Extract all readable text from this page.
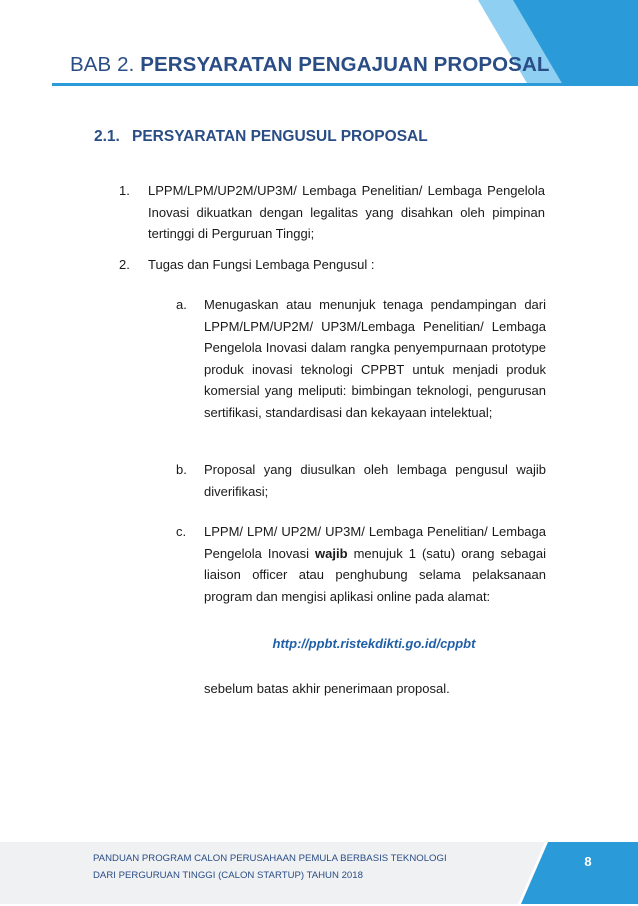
BAB 2. PERSYARATAN PENGAJUAN PROPOSAL
2.1. PERSYARATAN PENGUSUL PROPOSAL
1. LPPM/LPM/UP2M/UP3M/ Lembaga Penelitian/ Lembaga Pengelola Inovasi dikuatkan dengan legalitas yang disahkan oleh pimpinan tertinggi di Perguruan Tinggi;
2. Tugas dan Fungsi Lembaga Pengusul :
a. Menugaskan atau menunjuk tenaga pendampingan dari LPPM/LPM/UP2M/ UP3M/Lembaga Penelitian/ Lembaga Pengelola Inovasi dalam rangka penyempurnaan prototype produk inovasi teknologi CPPBT untuk menjadi produk komersial yang meliputi: bimbingan teknologi, pengurusan sertifikasi, standardisasi dan kekayaan intelektual;
b. Proposal yang diusulkan oleh lembaga pengusul wajib diverifikasi;
c. LPPM/ LPM/ UP2M/ UP3M/ Lembaga Penelitian/ Lembaga Pengelola Inovasi wajib menujuk 1 (satu) orang sebagai liaison officer atau penghubung selama pelaksanaan program dan mengisi aplikasi online pada alamat:
http://ppbt.ristekdikti.go.id/cppbt
sebelum batas akhir penerimaan proposal.
PANDUAN PROGRAM CALON PERUSAHAAN PEMULA BERBASIS TEKNOLOGI
DARI PERGURUAN TINGGI (CALON STARTUP) TAHUN 2018
8
